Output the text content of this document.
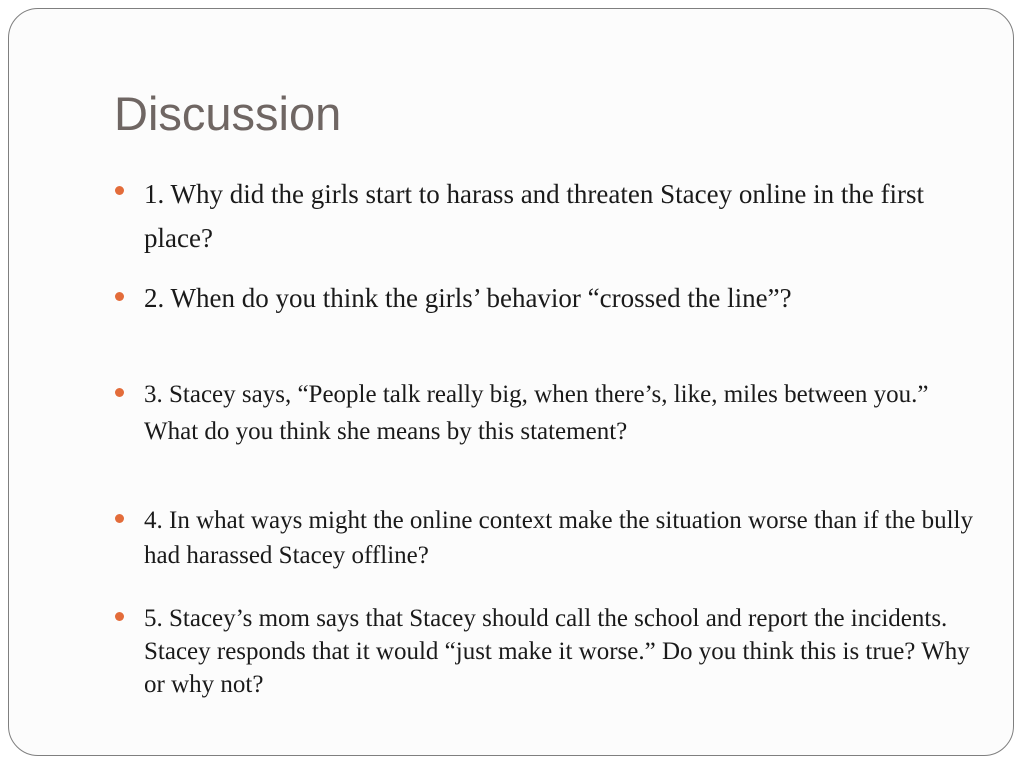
Discussion
1. Why did the girls start to harass and threaten Stacey online in the first place?
2. When do you think the girls’ behavior “crossed the line”?
3. Stacey says, “People talk really big, when there’s, like, miles between you.” What do you think she means by this statement?
4. In what ways might the online context make the situation worse than if the bully had harassed Stacey offline?
5. Stacey’s mom says that Stacey should call the school and report the incidents. Stacey responds that it would “just make it worse.” Do you think this is true? Why or why not?
